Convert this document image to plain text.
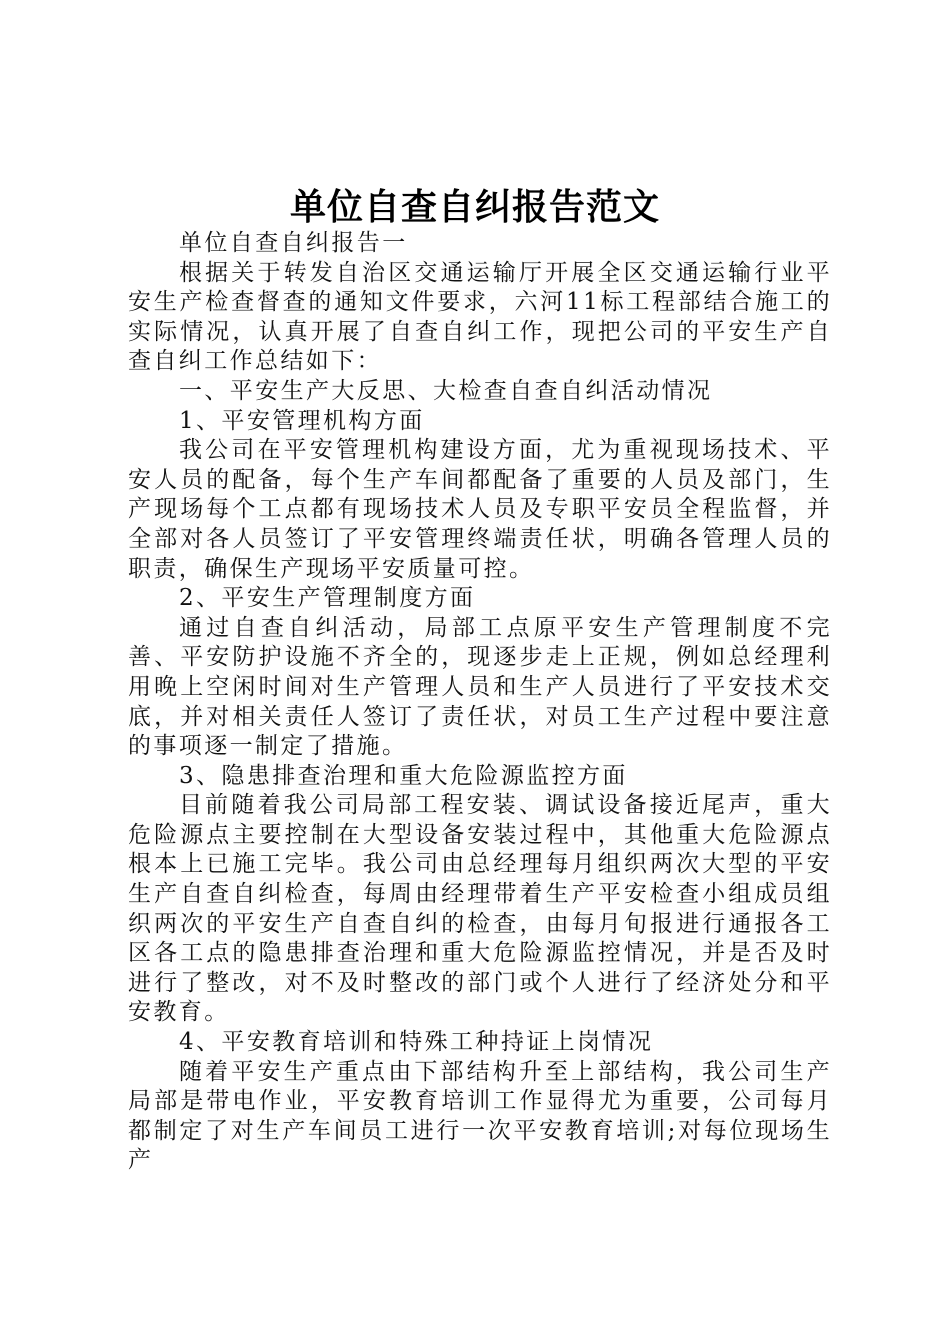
单位自查自纠报告范文

单位自查自纠报告一

根据关于转发自治区交通运输厅开展全区交通运输行业平安生产检查督查的通知文件要求，六河11标工程部结合施工的实际情况，认真开展了自查自纠工作，现把公司的平安生产自查自纠工作总结如下：

一、平安生产大反思、大检查自查自纠活动情况

1、平安管理机构方面

我公司在平安管理机构建设方面，尤为重视现场技术、平安人员的配备，每个生产车间都配备了重要的人员及部门，生产现场每个工点都有现场技术人员及专职平安员全程监督，并全部对各人员签订了平安管理终端责任状，明确各管理人员的职责，确保生产现场平安质量可控。

2、平安生产管理制度方面

通过自查自纠活动，局部工点原平安生产管理制度不完善、平安防护设施不齐全的，现逐步走上正规，例如总经理利用晚上空闲时间对生产管理人员和生产人员进行了平安技术交底，并对相关责任人签订了责任状，对员工生产过程中要注意的事项逐一制定了措施。

3、隐患排查治理和重大危险源监控方面

目前随着我公司局部工程安装、调试设备接近尾声，重大危险源点主要控制在大型设备安装过程中，其他重大危险源点根本上已施工完毕。我公司由总经理每月组织两次大型的平安生产自查自纠检查，每周由经理带着生产平安检查小组成员组织两次的平安生产自查自纠的检查，由每月旬报进行通报各工区各工点的隐患排查治理和重大危险源监控情况，并是否及时进行了整改，对不及时整改的部门或个人进行了经济处分和平安教育。

4、平安教育培训和特殊工种持证上岗情况

随着平安生产重点由下部结构升至上部结构，我公司生产局部是带电作业，平安教育培训工作显得尤为重要，公司每月都制定了对生产车间员工进行一次平安教育培训;对每位现场生产
